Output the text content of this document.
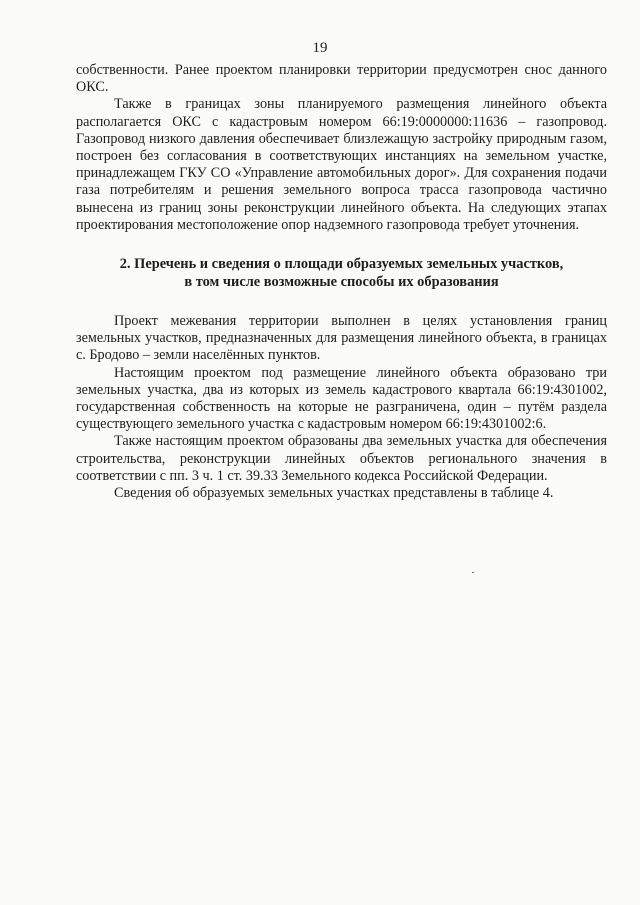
19

собственности. Ранее проектом планировки территории предусмотрен снос данного ОКС.

Также в границах зоны планируемого размещения линейного объекта располагается ОКС с кадастровым номером 66:19:0000000:11636 – газопровод. Газопровод низкого давления обеспечивает близлежащую застройку природным газом, построен без согласования в соответствующих инстанциях на земельном участке, принадлежащем ГКУ СО «Управление автомобильных дорог». Для сохранения подачи газа потребителям и решения земельного вопроса трасса газопровода частично вынесена из границ зоны реконструкции линейного объекта. На следующих этапах проектирования местоположение опор надземного газопровода требует уточнения.

2. Перечень и сведения о площади образуемых земельных участков,
в том числе возможные способы их образования

Проект межевания территории выполнен в целях установления границ земельных участков, предназначенных для размещения линейного объекта, в границах с. Бродово – земли населённых пунктов.

Настоящим проектом под размещение линейного объекта образовано три земельных участка, два из которых из земель кадастрового квартала 66:19:4301002, государственная собственность на которые не разграничена, один – путём раздела существующего земельного участка с кадастровым номером 66:19:4301002:6.

Также настоящим проектом образованы два земельных участка для обеспечения строительства, реконструкции линейных объектов регионального значения в соответствии с пп. 3 ч. 1 ст. 39.33 Земельного кодекса Российской Федерации.

Сведения об образуемых земельных участках представлены в таблице 4.
